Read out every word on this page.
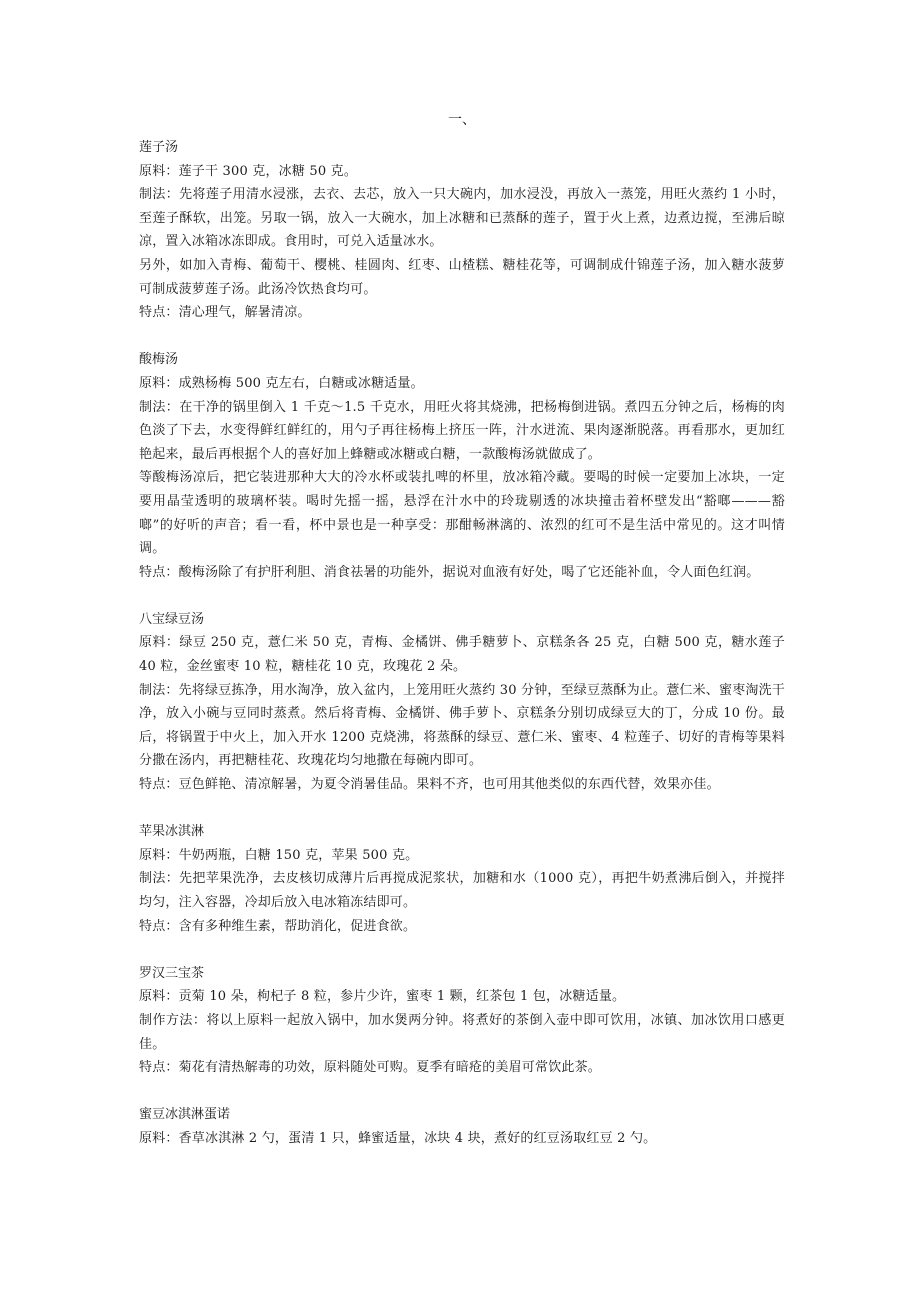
一、
莲子汤

原料：莲子干 300 克，冰糖 50 克。

制法：先将莲子用清水浸涨，去衣、去芯，放入一只大碗内，加水浸没，再放入一蒸笼，用旺火蒸约 1 小时，至莲子酥软，出笼。另取一锅，放入一大碗水，加上冰糖和已蒸酥的莲子，置于火上煮，边煮边搅，至沸后晾凉，置入冰箱冰冻即成。食用时，可兑入适量冰水。

另外，如加入青梅、葡萄干、樱桃、桂圆肉、红枣、山楂糕、糖桂花等，可调制成什锦莲子汤，加入糖水菠萝可制成菠萝莲子汤。此汤冷饮热食均可。

特点：清心理气，解暑清凉。

酸梅汤

原料：成熟杨梅 500 克左右，白糖或冰糖适量。

制法：在干净的锅里倒入 1 千克～1.5 千克水，用旺火将其烧沸，把杨梅倒进锅。煮四五分钟之后，杨梅的肉色淡了下去，水变得鲜红鲜红的，用勺子再往杨梅上挤压一阵，汁水迸流、果肉逐渐脱落。再看那水，更加红艳起来，最后再根据个人的喜好加上蜂糖或冰糖或白糖，一款酸梅汤就做成了。

等酸梅汤凉后，把它装进那种大大的冷水杯或装扎啤的杯里，放冰箱冷藏。要喝的时候一定要加上冰块，一定要用晶莹透明的玻璃杯装。喝时先摇一摇，悬浮在汁水中的玲珑剔透的冰块撞击着杯壁发出“豁啷———豁啷”的好听的声音；看一看，杯中景也是一种享受：那酣畅淋漓的、浓烈的红可不是生活中常见的。这才叫情调。

特点：酸梅汤除了有护肝利胆、消食祛暑的功能外，据说对血液有好处，喝了它还能补血，令人面色红润。

八宝绿豆汤

原料：绿豆 250 克，薏仁米 50 克，青梅、金橘饼、佛手糖萝卜、京糕条各 25 克，白糖 500 克，糖水莲子 40 粒，金丝蜜枣 10 粒，糖桂花 10 克，玫瑰花 2 朵。

制法：先将绿豆拣净，用水淘净，放入盆内，上笼用旺火蒸约 30 分钟，至绿豆蒸酥为止。薏仁米、蜜枣淘洗干净，放入小碗与豆同时蒸煮。然后将青梅、金橘饼、佛手萝卜、京糕条分别切成绿豆大的丁，分成 10 份。最后，将锅置于中火上，加入开水 1200 克烧沸，将蒸酥的绿豆、薏仁米、蜜枣、4 粒莲子、切好的青梅等果料分撒在汤内，再把糖桂花、玫瑰花均匀地撒在每碗内即可。

特点：豆色鲜艳、清凉解暑，为夏令消暑佳品。果料不齐，也可用其他类似的东西代替，效果亦佳。

苹果冰淇淋

原料：牛奶两瓶，白糖 150 克，苹果 500 克。

制法：先把苹果洗净，去皮核切成薄片后再搅成泥浆状，加糖和水（1000 克），再把牛奶煮沸后倒入，并搅拌均匀，注入容器，冷却后放入电冰箱冻结即可。

特点：含有多种维生素，帮助消化，促进食欲。

罗汉三宝茶

原料：贡菊 10 朵，枸杞子 8 粒，参片少许，蜜枣 1 颗，红茶包 1 包，冰糖适量。

制作方法：将以上原料一起放入锅中，加水煲两分钟。将煮好的茶倒入壶中即可饮用，冰镇、加冰饮用口感更佳。

特点：菊花有清热解毒的功效，原料随处可购。夏季有暗疮的美眉可常饮此茶。

蜜豆冰淇淋蛋诺

原料：香草冰淇淋 2 勺，蛋清 1 只，蜂蜜适量，冰块 4 块，煮好的红豆汤取红豆 2 勺。
